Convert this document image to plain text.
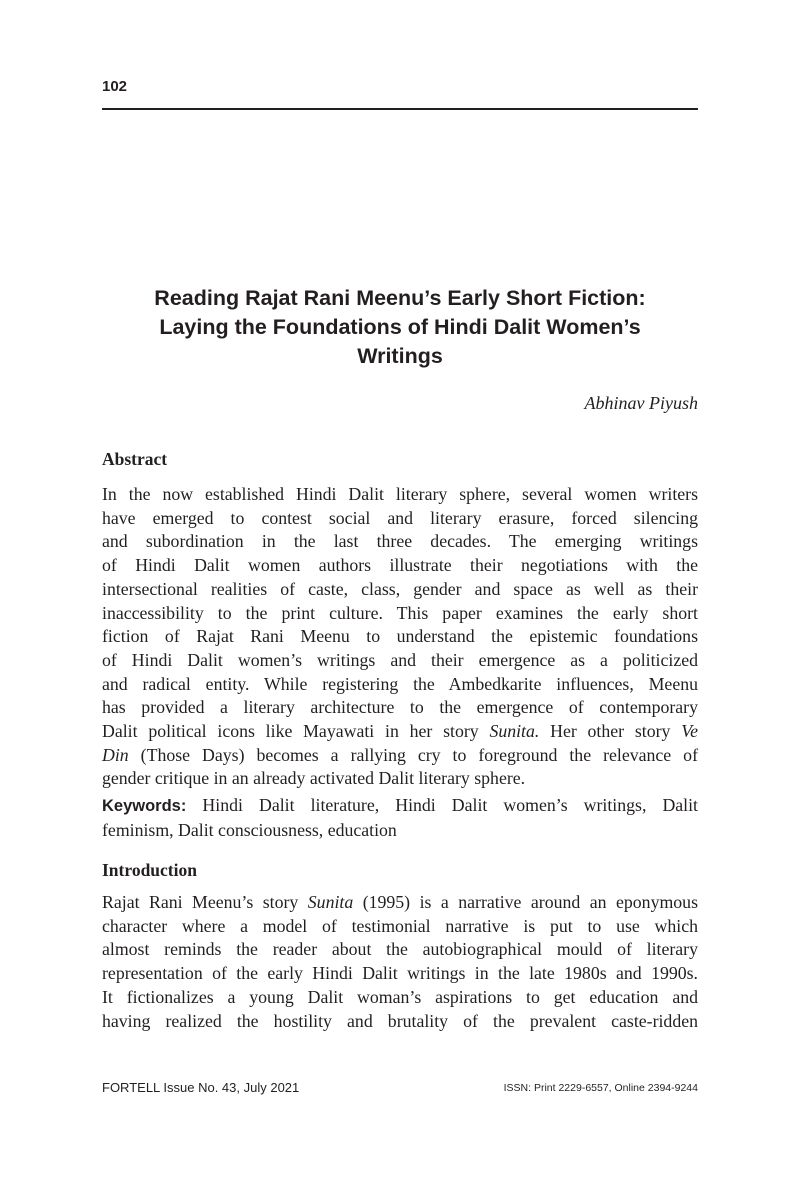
102
Reading Rajat Rani Meenu’s Early Short Fiction:
Laying the Foundations of Hindi Dalit Women’s
Writings
Abhinav Piyush
Abstract
In the now established Hindi Dalit literary sphere, several women writers
have emerged to contest social and literary erasure, forced silencing
and subordination in the last three decades. The emerging writings
of Hindi Dalit women authors illustrate their negotiations with the
intersectional realities of caste, class, gender and space as well as their
inaccessibility to the print culture. This paper examines the early short
fiction of Rajat Rani Meenu to understand the epistemic foundations
of Hindi Dalit women’s writings and their emergence as a politicized
and radical entity. While registering the Ambedkarite influences, Meenu
has provided a literary architecture to the emergence of contemporary
Dalit political icons like Mayawati in her story Sunita. Her other story Ve
Din (Those Days) becomes a rallying cry to foreground the relevance of
gender critique in an already activated Dalit literary sphere.
Keywords: Hindi Dalit literature, Hindi Dalit women’s writings, Dalit
feminism, Dalit consciousness, education
Introduction
Rajat Rani Meenu’s story Sunita (1995) is a narrative around an eponymous
character where a model of testimonial narrative is put to use which
almost reminds the reader about the autobiographical mould of literary
representation of the early Hindi Dalit writings in the late 1980s and 1990s.
It fictionalizes a young Dalit woman’s aspirations to get education and
having realized the hostility and brutality of the prevalent caste-ridden
FORTELL Issue No. 43, July 2021	ISSN: Print 2229-6557, Online 2394-9244
